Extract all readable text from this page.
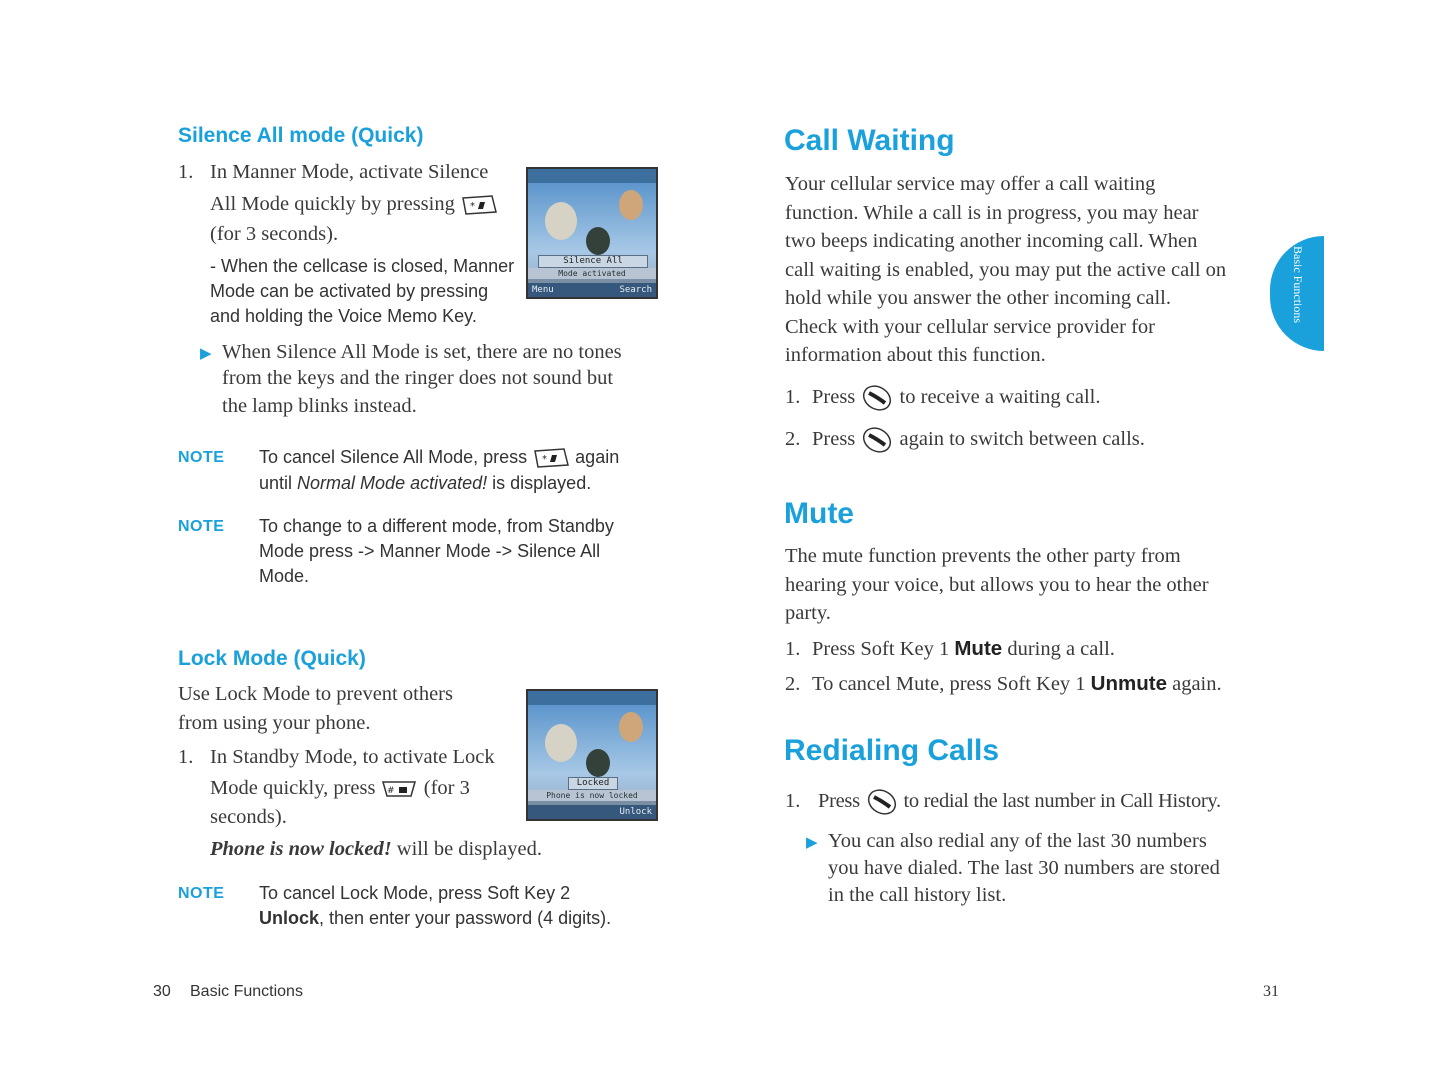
Silence All mode (Quick)
1. In Manner Mode, activate Silence
All Mode quickly by pressing *
(for 3 seconds).
- When the cellcase is closed, Manner
Mode can be activated by pressing
and holding the Voice Memo Key.
Silence All
Mode activated
Menu	Search
▶ When Silence All Mode is set, there are no tones
from the keys and the ringer does not sound but
the lamp blinks instead.
NOTE To cancel Silence All Mode, press * again
until Normal Mode activated! is displayed.
NOTE To change to a different mode, from Standby
Mode press -> Manner Mode -> Silence All
Mode.
Lock Mode (Quick)
Use Lock Mode to prevent others
from using your phone.
1. In Standby Mode, to activate Lock
Mode quickly, press # (for 3
seconds).
Phone is now locked! will be displayed.
Locked
Phone is now locked
Unlock
NOTE To cancel Lock Mode, press Soft Key 2
Unlock, then enter your password (4 digits).
30 Basic Functions
Call Waiting
Your cellular service may offer a call waiting
function. While a call is in progress, you may hear
two beeps indicating another incoming call. When
call waiting is enabled, you may put the active call on
hold while you answer the other incoming call.
Check with your cellular service provider for
information about this function.
1. Press to receive a waiting call.
2. Press again to switch between calls.
Mute
The mute function prevents the other party from
hearing your voice, but allows you to hear the other
party.
1. Press Soft Key 1 Mute during a call.
2. To cancel Mute, press Soft Key 1 Unmute again.
Redialing Calls
1. Press to redial the last number in Call History.
▶ You can also redial any of the last 30 numbers
you have dialed. The last 30 numbers are stored
in the call history list.
Basic Functions
31
